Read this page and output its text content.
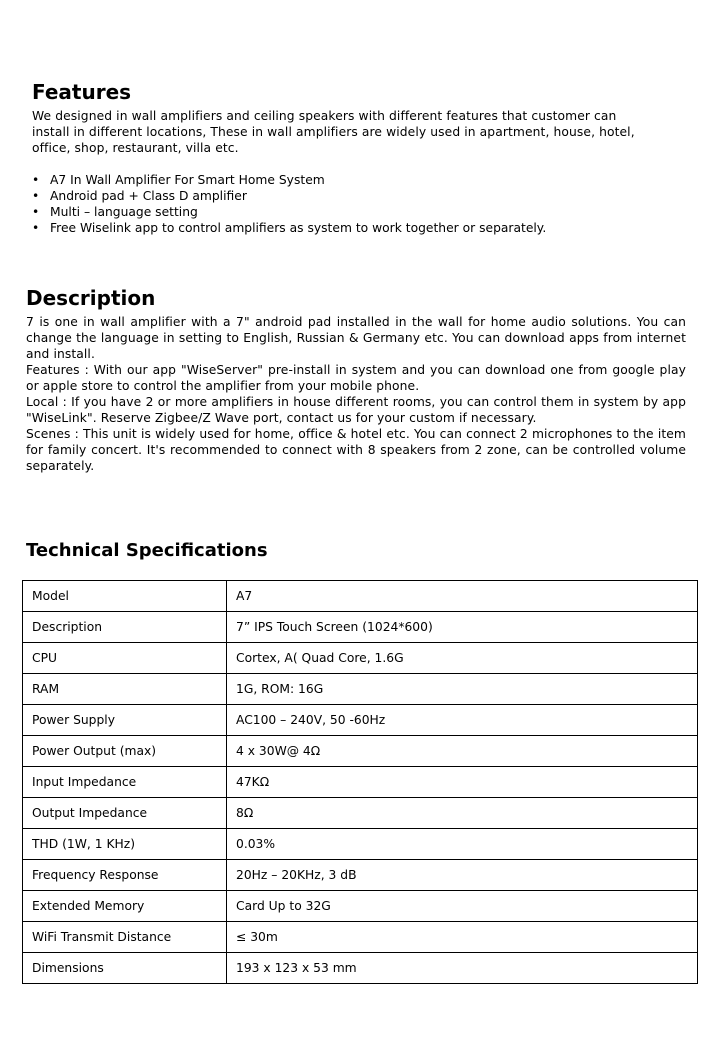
Features

We designed in wall amplifiers and ceiling speakers with different features that customer can install in different locations, These in wall amplifiers are widely used in apartment, house, hotel, office, shop, restaurant, villa etc.

• A7 In Wall Amplifier For Smart Home System
• Android pad + Class D amplifier
• Multi – language setting
• Free Wiselink app to control amplifiers as system to work together or separately.
Description

7 is one in wall amplifier with a 7" android pad installed in the wall for home audio solutions. You can change the language in setting to English, Russian & Germany etc. You can download apps from internet and install.

Features : With our app "WiseServer" pre-install in system and you can download one from google play or apple store to control the amplifier from your mobile phone.

Local : If you have 2 or more amplifiers in house different rooms, you can control them in system by app "WiseLink". Reserve Zigbee/Z Wave port, contact us for your custom if necessary.

Scenes : This unit is widely used for home, office & hotel etc. You can connect 2 microphones to the item for family concert. It's recommended to connect with 8 speakers from 2 zone, can be controlled volume separately.

Technical Specifications
Model	A7
Description	7” IPS Touch Screen (1024*600)
CPU	Cortex, A( Quad Core, 1.6G
RAM	1G, ROM: 16G
Power Supply	AC100 – 240V, 50 -60Hz
Power Output (max)	4 x 30W@ 4Ω
Input Impedance	47KΩ
Output Impedance	8Ω
THD (1W, 1 KHz)	0.03%
Frequency Response	20Hz – 20KHz, 3 dB
Extended Memory	Card Up to 32G
WiFi Transmit Distance	≤ 30m
Dimensions	193 x 123 x 53 mm
